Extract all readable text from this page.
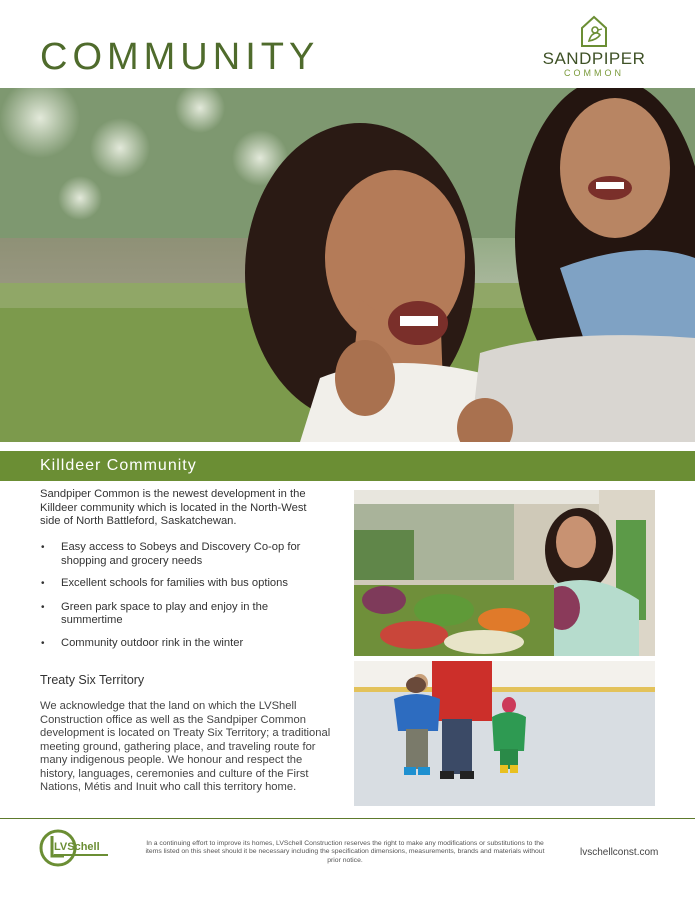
COMMUNITY	SANDPIPER
COMMON
Killdeer Community

Sandpiper Common is the newest development in the Killdeer community which is located in the North-West side of North Battleford, Saskatchewan.

• Easy access to Sobeys and Discovery Co-op for shopping and grocery needs
• Excellent schools for families with bus options
• Green park space to play and enjoy in the summertime
• Community outdoor rink in the winter
Treaty Six Territory

We acknowledge that the land on which the LVShell Construction office as well as the Sandpiper Common development is located on Treaty Six Territory; a traditional meeting ground, gathering place, and traveling route for many indigenous people. We honour and respect the history, languages, ceremonies and culture of the First Nations, Métis and Inuit who call this territory home.

LVSchell	In a continuing effort to improve its homes, LVSchell Construction reserves the right to make any modifications or substitutions to the items listed on this sheet should it be necessary including the specification dimensions, measurements, brands and materials without prior notice.

lvschellconst.com
